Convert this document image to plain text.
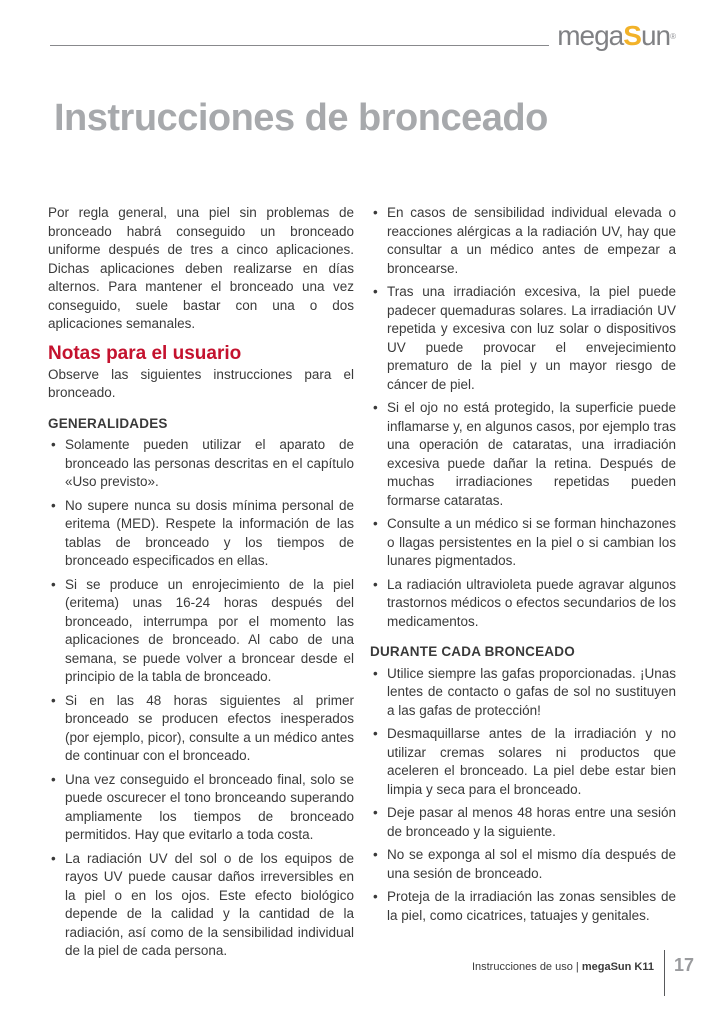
megaSun®
Instrucciones de bronceado

Por regla general, una piel sin problemas de bronceado habrá conseguido un bronceado uniforme después de tres a cinco aplicaciones. Dichas aplicaciones deben realizarse en días alternos. Para mantener el bronceado una vez conseguido, suele bastar con una o dos aplicaciones semanales.

Notas para el usuario

Observe las siguientes instrucciones para el bronceado.

GENERALIDADES
• Solamente pueden utilizar el aparato de bronceado las personas descritas en el capítulo «Uso previsto».
• No supere nunca su dosis mínima personal de eritema (MED). Respete la información de las tablas de bronceado y los tiempos de bronceado especificados en ellas.
• Si se produce un enrojecimiento de la piel (eritema) unas 16-24 horas después del bronceado, interrumpa por el momento las aplicaciones de bronceado. Al cabo de una semana, se puede volver a broncear desde el principio de la tabla de bronceado.
• Si en las 48 horas siguientes al primer bronceado se producen efectos inesperados (por ejemplo, picor), consulte a un médico antes de continuar con el bronceado.
• Una vez conseguido el bronceado final, solo se puede oscurecer el tono bronceando superando ampliamente los tiempos de bronceado permitidos. Hay que evitarlo a toda costa.
• La radiación UV del sol o de los equipos de rayos UV puede causar daños irreversibles en la piel o en los ojos. Este efecto biológico depende de la calidad y la cantidad de la radiación, así como de la sensibilidad individual de la piel de cada persona.
• En casos de sensibilidad individual elevada o reacciones alérgicas a la radiación UV, hay que consultar a un médico antes de empezar a broncearse.
• Tras una irradiación excesiva, la piel puede padecer quemaduras solares. La irradiación UV repetida y excesiva con luz solar o dispositivos UV puede provocar el envejecimiento prematuro de la piel y un mayor riesgo de cáncer de piel.
• Si el ojo no está protegido, la superficie puede inflamarse y, en algunos casos, por ejemplo tras una operación de cataratas, una irradiación excesiva puede dañar la retina. Después de muchas irradiaciones repetidas pueden formarse cataratas.
• Consulte a un médico si se forman hinchazones o llagas persistentes en la piel o si cambian los lunares pigmentados.
• La radiación ultravioleta puede agravar algunos trastornos médicos o efectos secundarios de los medicamentos.
DURANTE CADA BRONCEADO
• Utilice siempre las gafas proporcionadas. ¡Unas lentes de contacto o gafas de sol no sustituyen a las gafas de protección!
• Desmaquillarse antes de la irradiación y no utilizar cremas solares ni productos que aceleren el bronceado. La piel debe estar bien limpia y seca para el bronceado.
• Deje pasar al menos 48 horas entre una sesión de bronceado y la siguiente.
• No se exponga al sol el mismo día después de una sesión de bronceado.
• Proteja de la irradiación las zonas sensibles de la piel, como cicatrices, tatuajes y genitales.
Instrucciones de uso | megaSun K11 17
